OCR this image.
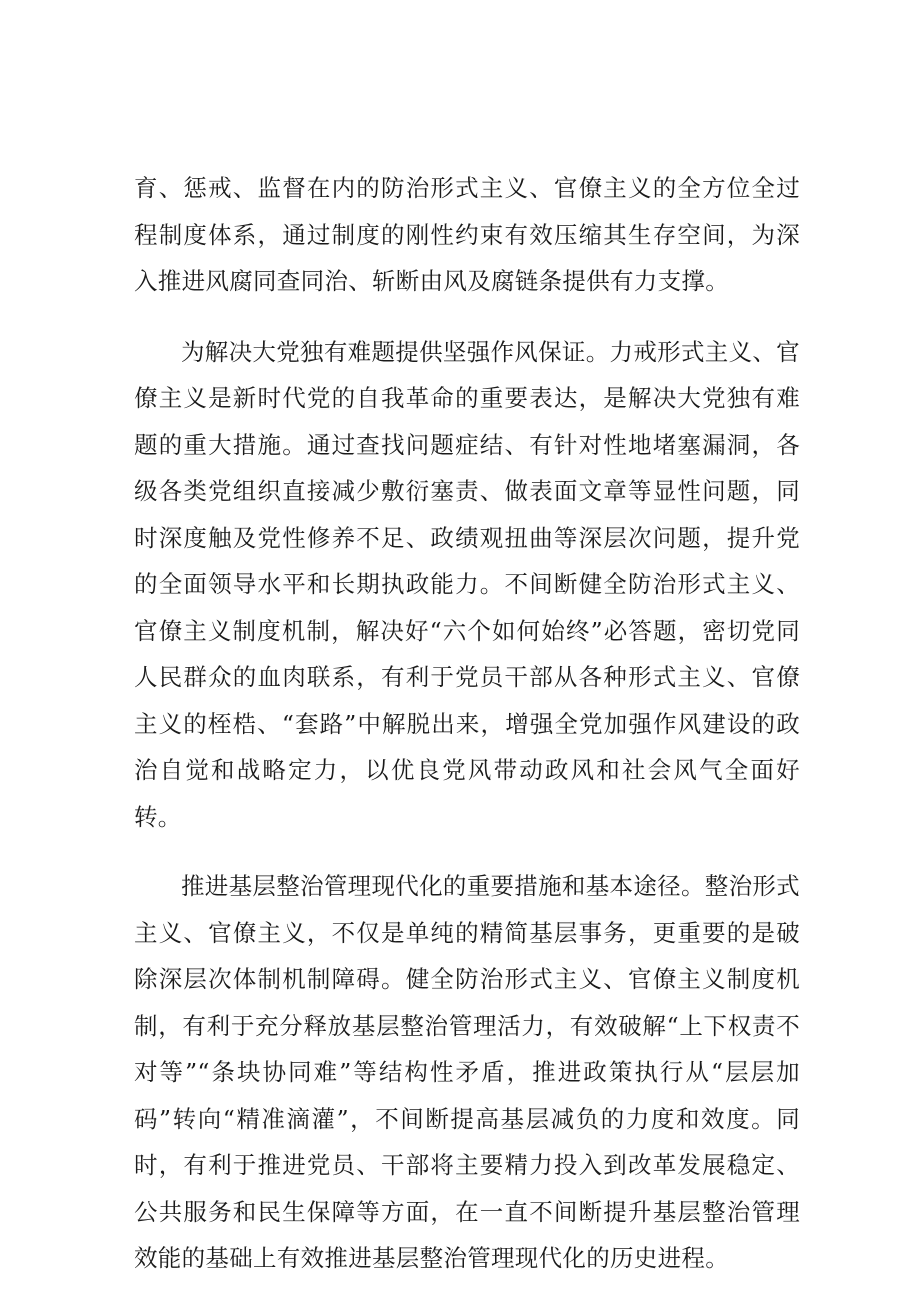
育、惩戒、监督在内的防治形式主义、官僚主义的全方位全过程制度体系，通过制度的刚性约束有效压缩其生存空间，为深入推进风腐同查同治、斩断由风及腐链条提供有力支撑。

为解决大党独有难题提供坚强作风保证。力戒形式主义、官僚主义是新时代党的自我革命的重要表达，是解决大党独有难题的重大措施。通过查找问题症结、有针对性地堵塞漏洞，各级各类党组织直接减少敷衍塞责、做表面文章等显性问题，同时深度触及党性修养不足、政绩观扭曲等深层次问题，提升党的全面领导水平和长期执政能力。不间断健全防治形式主义、官僚主义制度机制，解决好“六个如何始终”必答题，密切党同人民群众的血肉联系，有利于党员干部从各种形式主义、官僚主义的桎梏、“套路”中解脱出来，增强全党加强作风建设的政治自觉和战略定力，以优良党风带动政风和社会风气全面好转。

推进基层整治管理现代化的重要措施和基本途径。整治形式主义、官僚主义，不仅是单纯的精简基层事务，更重要的是破除深层次体制机制障碍。健全防治形式主义、官僚主义制度机制，有利于充分释放基层整治管理活力，有效破解“上下权责不对等”“条块协同难”等结构性矛盾，推进政策执行从“层层加码”转向“精准滴灌”，不间断提高基层减负的力度和效度。同时，有利于推进党员、干部将主要精力投入到改革发展稳定、公共服务和民生保障等方面，在一直不间断提升基层整治管理效能的基础上有效推进基层整治管理现代化的历史进程。
